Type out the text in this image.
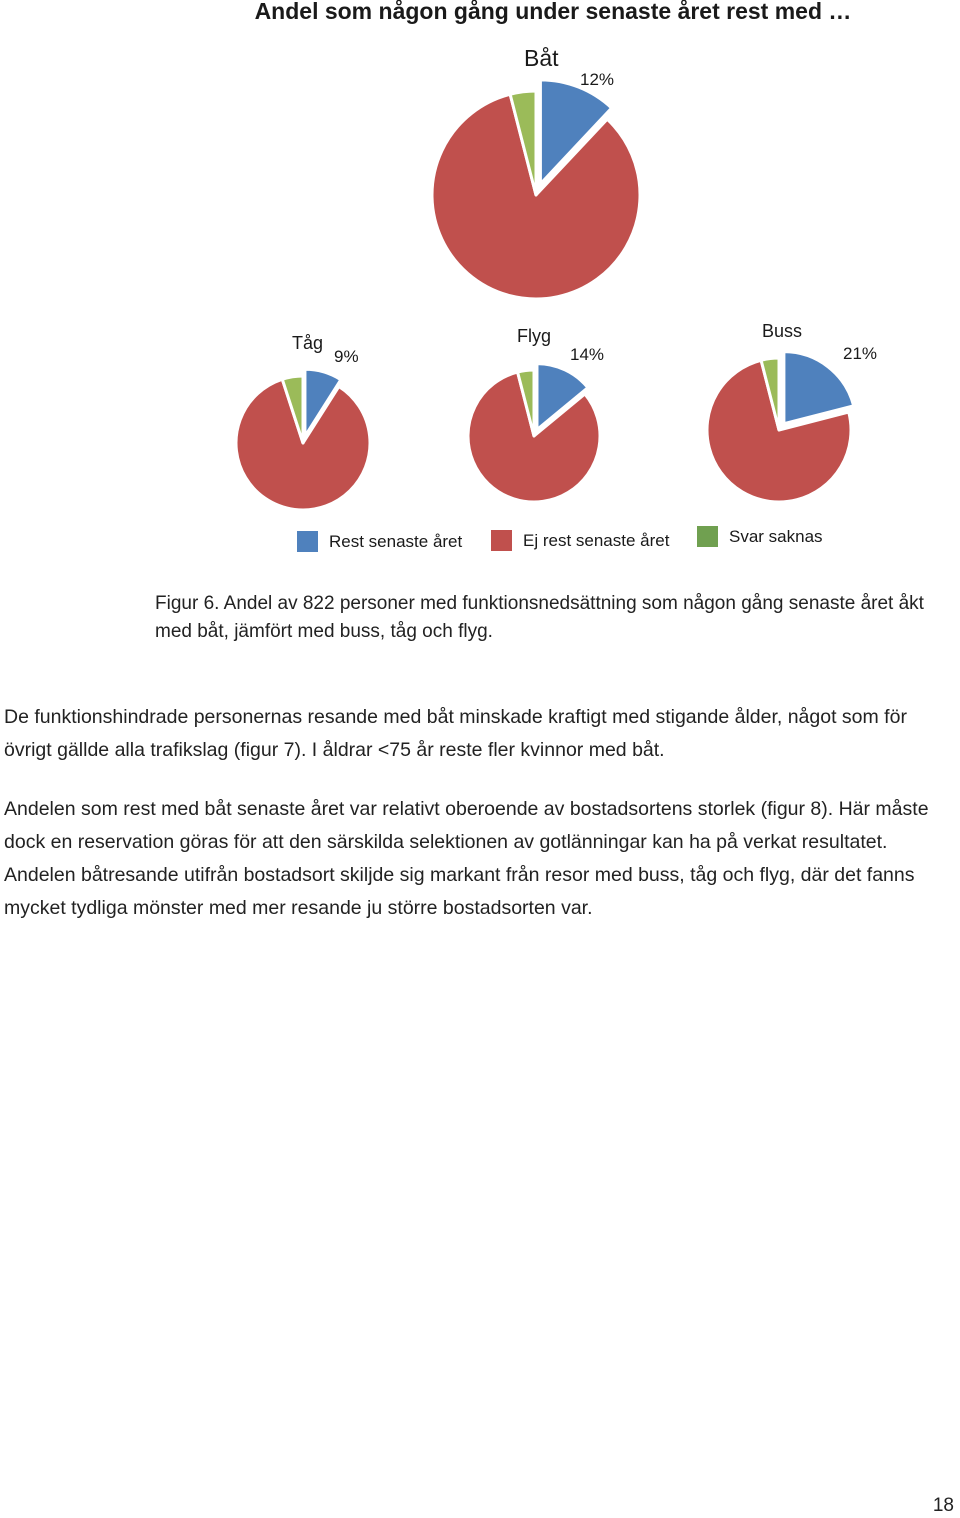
Andel som någon gång under senaste året rest med …
Båt
12%
Tåg
9%
Flyg
14%
Buss
21%
Rest senaste året	Ej rest senaste året	Svar saknas
Figur 6. Andel av 822 personer med funktionsnedsättning som någon gång senaste året åkt med båt, jämfört med buss, tåg och flyg.

De funktionshindrade personernas resande med båt minskade kraftigt med stigande ålder, något som för övrigt gällde alla trafikslag (figur 7). I åldrar <75 år reste fler kvinnor med båt.

Andelen som rest med båt senaste året var relativt oberoende av bostadsortens storlek (figur 8). Här måste dock en reservation göras för att den särskilda selektionen av gotlänningar kan ha på verkat resultatet. Andelen båtresande utifrån bostadsort skiljde sig markant från resor med buss, tåg och flyg, där det fanns mycket tydliga mönster med mer resande ju större bostadsorten var.

18
